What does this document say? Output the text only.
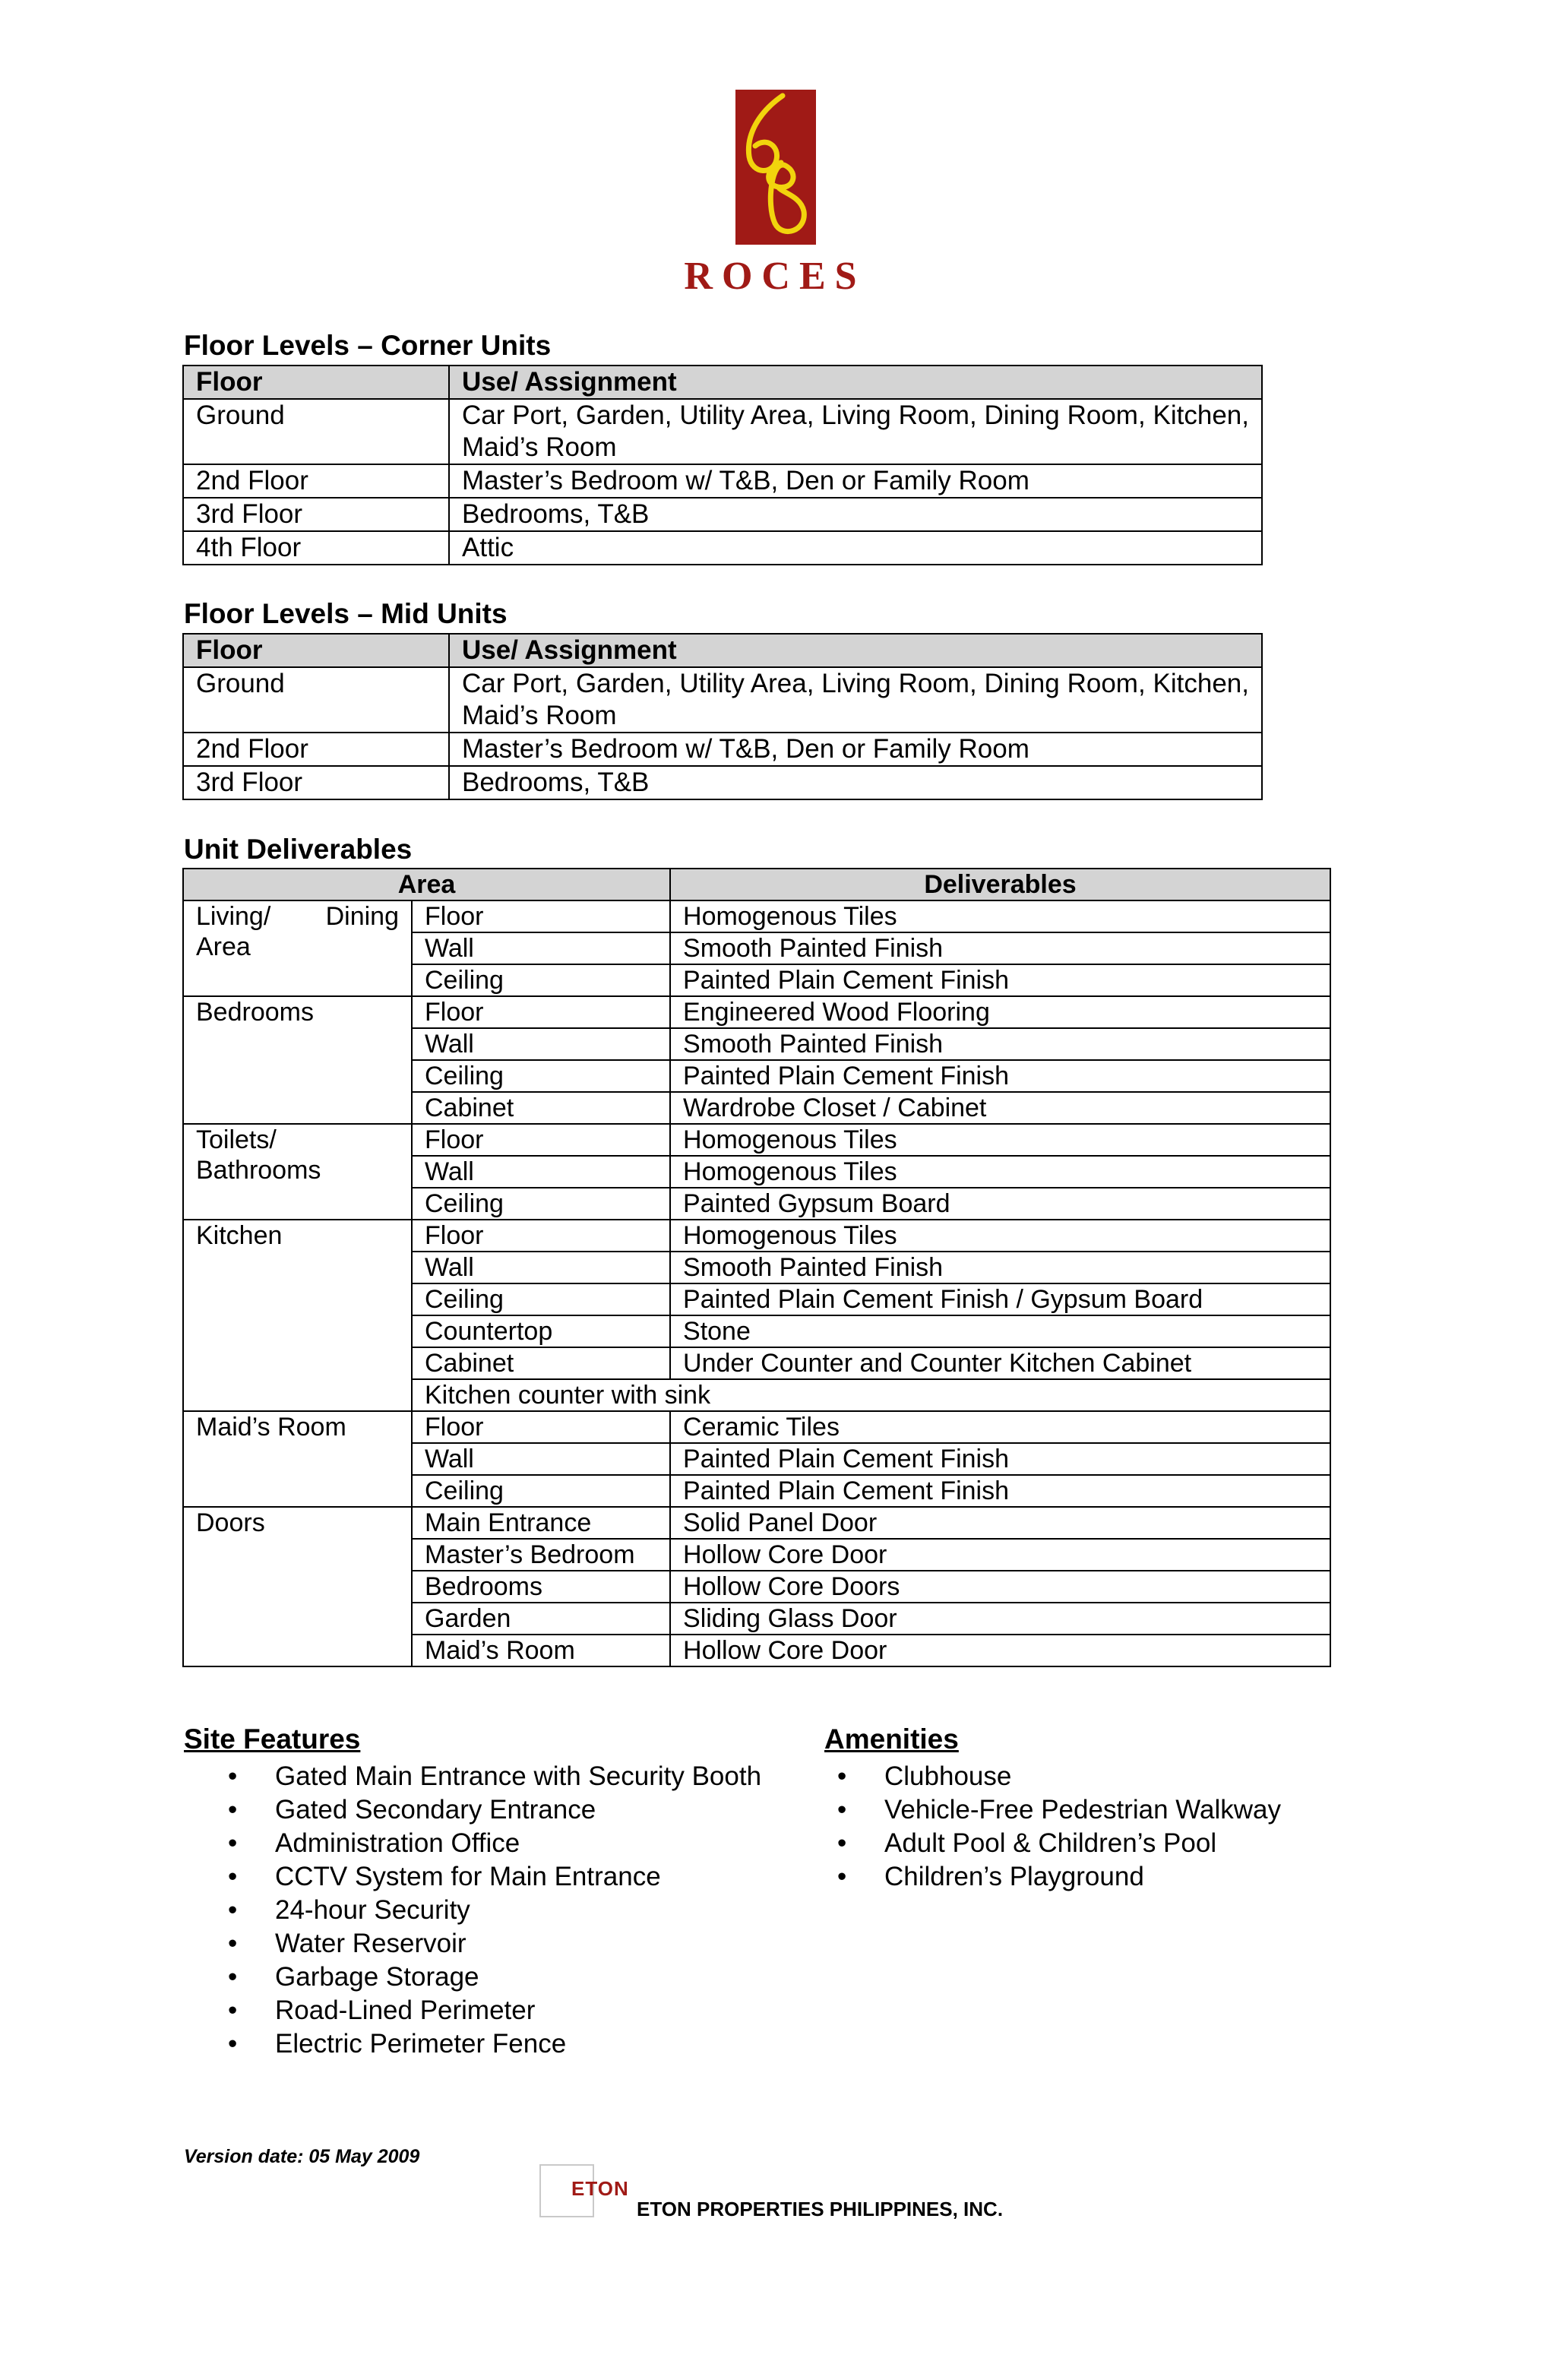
ROCES
Floor Levels – Corner Units
Floor	Use/ Assignment
Ground	Car Port, Garden, Utility Area, Living Room, Dining Room, Kitchen, Maid’s Room
2nd Floor	Master’s Bedroom w/ T&B, Den or Family Room
3rd Floor	Bedrooms, T&B
4th Floor	Attic
Floor Levels – Mid Units
Floor	Use/ Assignment
Ground	Car Port, Garden, Utility Area, Living Room, Dining Room, Kitchen, Maid’s Room
2nd Floor	Master’s Bedroom w/ T&B, Den or Family Room
3rd Floor	Bedrooms, T&B
Unit Deliverables
Area		Deliverables
Living/ Dining Area	Floor	Homogenous Tiles
	Wall	Smooth Painted Finish
	Ceiling	Painted Plain Cement Finish
Bedrooms	Floor	Engineered Wood Flooring
	Wall	Smooth Painted Finish
	Ceiling	Painted Plain Cement Finish
	Cabinet	Wardrobe Closet / Cabinet
Toilets/ Bathrooms	Floor	Homogenous Tiles
	Wall	Homogenous Tiles
	Ceiling	Painted Gypsum Board
Kitchen	Floor	Homogenous Tiles
	Wall	Smooth Painted Finish
	Ceiling	Painted Plain Cement Finish / Gypsum Board
	Countertop	Stone
	Cabinet	Under Counter and Counter Kitchen Cabinet
	Kitchen counter with sink	
Maid’s Room	Floor	Ceramic Tiles
	Wall	Painted Plain Cement Finish
	Ceiling	Painted Plain Cement Finish
Doors	Main Entrance	Solid Panel Door
	Master’s Bedroom	Hollow Core Door
	Bedrooms	Hollow Core Doors
	Garden	Sliding Glass Door
	Maid’s Room	Hollow Core Door
Site Features
• Gated Main Entrance with Security Booth
• Gated Secondary Entrance
• Administration Office
• CCTV System for Main Entrance
• 24-hour Security
• Water Reservoir
• Garbage Storage
• Road-Lined Perimeter
• Electric Perimeter Fence
Amenities
• Clubhouse
• Vehicle-Free Pedestrian Walkway
• Adult Pool & Children’s Pool
• Children’s Playground
Version date: 05 May 2009
ETON
ETON PROPERTIES PHILIPPINES, INC.
